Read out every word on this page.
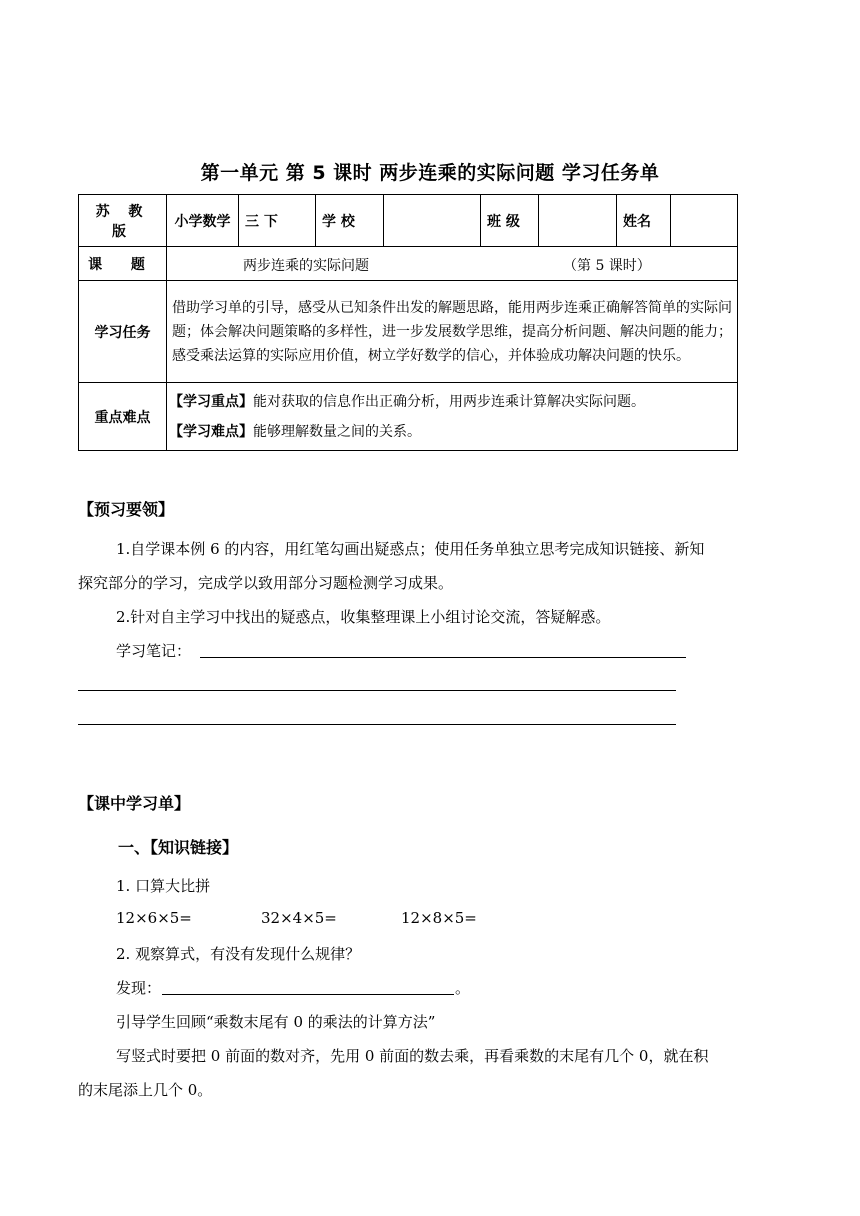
第一单元 第 5 课时 两步连乘的实际问题 学习任务单
苏 教 版	小学数学	三 下	学 校		班 级		姓名	
课 题	两步连乘的实际问题 （第 5 课时）							

学习任务	借助学习单的引导，感受从已知条件出发的解题思路，能用两步连乘正确解答简单的实际问题；体会解决问题策略的多样性，进一步发展数学思维，提高分析问题、解决问题的能力；感受乘法运算的实际应用价值，树立学好数学的信心，并体验成功解决问题的快乐。							
重点难点	【学习重点】能对获取的信息作出正确分析，用两步连乘计算解决实际问题。
【学习难点】能够理解数量之间的关系。							
【预习要领】
1.自学课本例 6 的内容，用红笔勾画出疑惑点；使用任务单独立思考完成知识链接、新知
探究部分的学习，完成学以致用部分习题检测学习成果。
2.针对自主学习中找出的疑惑点，收集整理课上小组讨论交流，答疑解惑。
学习笔记：
【课中学习单】
一、【知识链接】
1. 口算大比拼
12×6×5=	32×4×5=	12×8×5=
2. 观察算式，有没有发现什么规律？
发现：	。
引导学生回顾“乘数末尾有 0 的乘法的计算方法”
写竖式时要把 0 前面的数对齐，先用 0 前面的数去乘，再看乘数的末尾有几个 0，就在积
的末尾添上几个 0。
